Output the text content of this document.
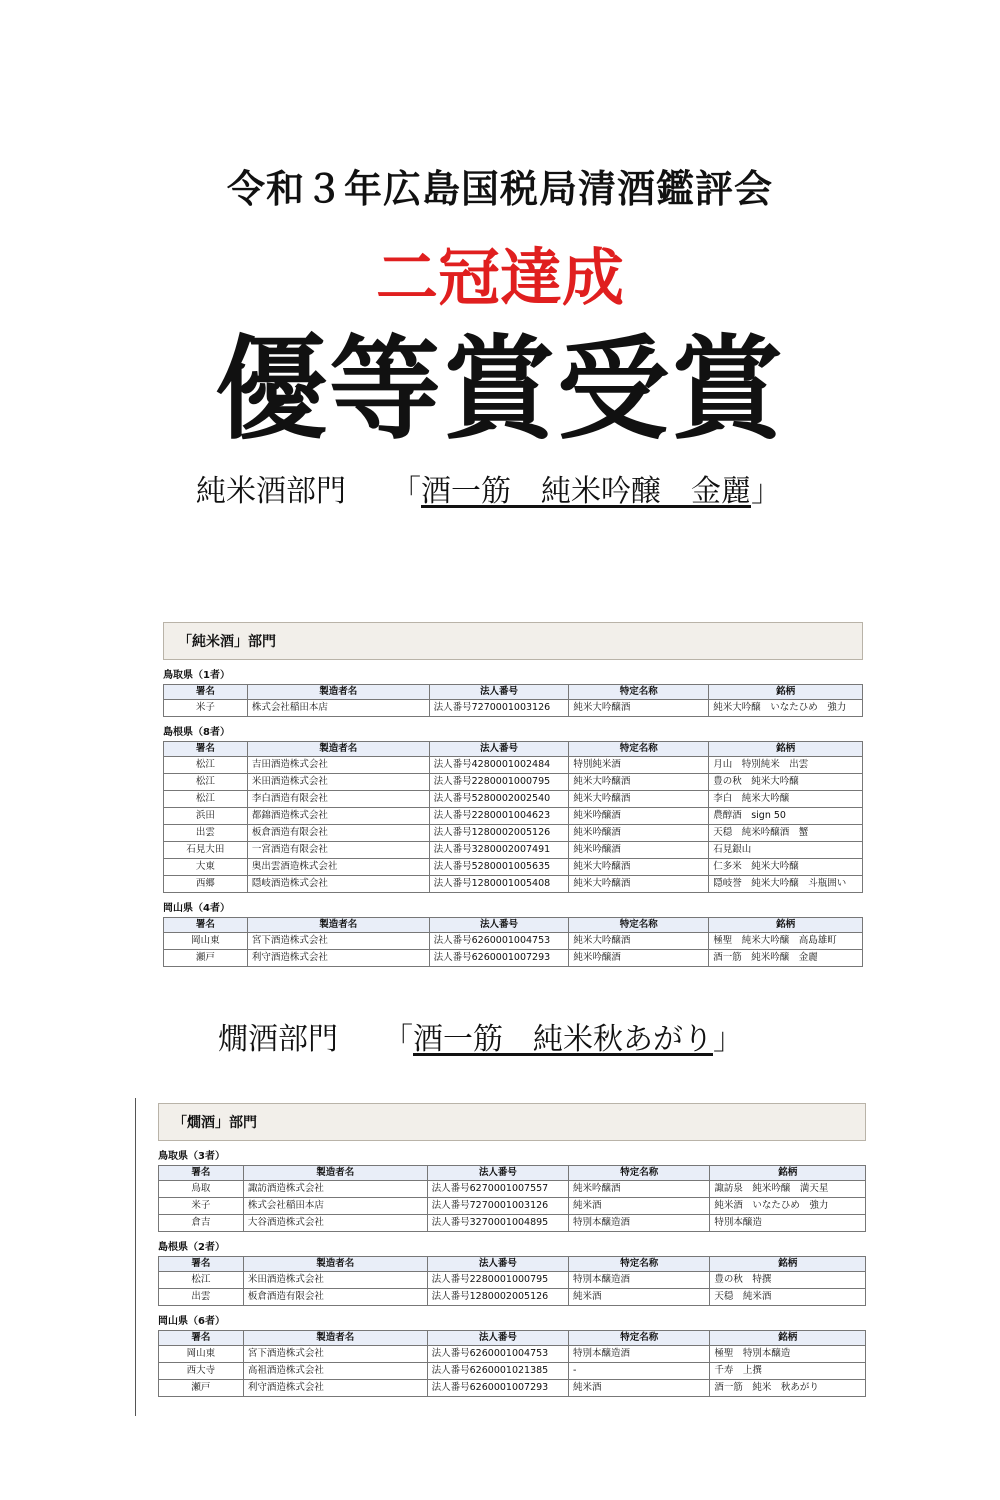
令和３年広島国税局清酒鑑評会
二冠達成
優等賞受賞
純米酒部門　　 「酒一筋　純米吟醸　金麗」
「純米酒」部門
鳥取県（1者）
署名	製造者名	法人番号	特定名称	銘柄
米子	株式会社稲田本店	法人番号7270001003126	純米大吟醸酒	純米大吟醸　いなたひめ　強力
島根県（8者）
署名	製造者名	法人番号	特定名称	銘柄
松江	吉田酒造株式会社	法人番号4280001002484	特別純米酒	月山　特別純米　出雲
松江	米田酒造株式会社	法人番号2280001000795	純米大吟醸酒	豊の秋　純米大吟醸
松江	李白酒造有限会社	法人番号5280002002540	純米大吟醸酒	李白　純米大吟醸
浜田	都錦酒造株式会社	法人番号2280001004623	純米吟醸酒	農醇酒　sign 50
出雲	板倉酒造有限会社	法人番号1280002005126	純米吟醸酒	天穏　純米吟醸酒　蟹
石見大田	一宮酒造有限会社	法人番号3280002007491	純米吟醸酒	石見銀山
大東	奥出雲酒造株式会社	法人番号5280001005635	純米大吟醸酒	仁多米　純米大吟醸
西郷	隠岐酒造株式会社	法人番号1280001005408	純米大吟醸酒	隠岐誉　純米大吟醸　斗瓶囲い
岡山県（4者）
署名	製造者名	法人番号	特定名称	銘柄
岡山東	宮下酒造株式会社	法人番号6260001004753	純米大吟醸酒	極聖　純米大吟醸　高島雄町
瀬戸	利守酒造株式会社	法人番号6260001007293	純米吟醸酒	酒一筋　純米吟醸　金麗
燗酒部門　　 「酒一筋　純米秋あがり」
「燗酒」部門
鳥取県（3者）
署名	製造者名	法人番号	特定名称	銘柄
鳥取	諏訪酒造株式会社	法人番号6270001007557	純米吟醸酒	諏訪泉　純米吟醸　満天星
米子	株式会社稲田本店	法人番号7270001003126	純米酒	純米酒　いなたひめ　強力
倉吉	大谷酒造株式会社	法人番号3270001004895	特別本醸造酒	特別本醸造
島根県（2者）
署名	製造者名	法人番号	特定名称	銘柄
松江	米田酒造株式会社	法人番号2280001000795	特別本醸造酒	豊の秋　特撰
出雲	板倉酒造有限会社	法人番号1280002005126	純米酒	天穏　純米酒
岡山県（6者）
署名	製造者名	法人番号	特定名称	銘柄
岡山東	宮下酒造株式会社	法人番号6260001004753	特別本醸造酒	極聖　特別本醸造
西大寺	高祖酒造株式会社	法人番号6260001021385	-	千寿　上撰
瀬戸	利守酒造株式会社	法人番号6260001007293	純米酒	酒一筋　純米　秋あがり
